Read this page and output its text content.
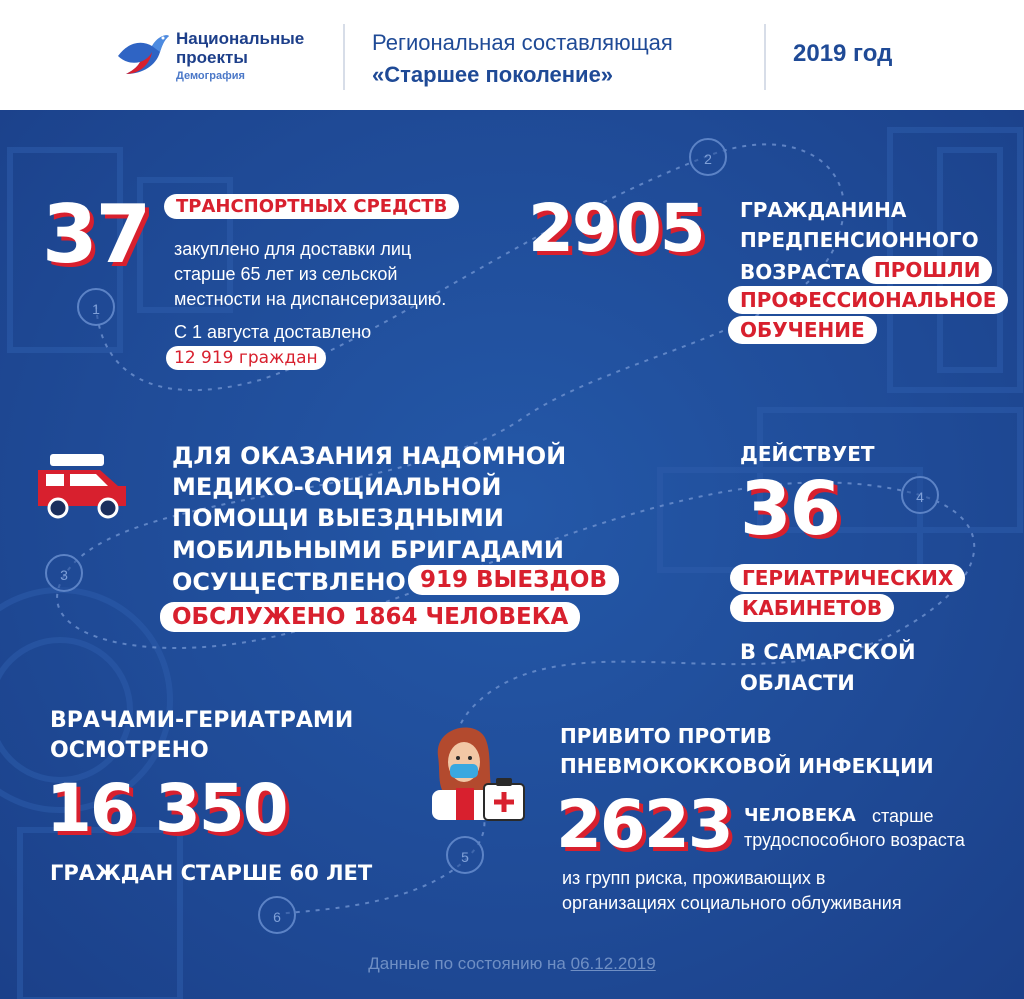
Национальные
проекты
Демография
Региональная составляющая
«Старшее поколение»
2019 год
1
2
3
4
5
6
37	ТРАНСПОРТНЫХ СРЕДСТВ
закуплено для доставки лиц
старше 65 лет из сельской
местности на диспансеризацию.
С 1 августа доставлено
12 919 граждан
2905 ГРАЖДАНИНА
ПРЕДПЕНСИОННОГО
ВОЗРАСТА ПРОШЛИ
ПРОФЕССИОНАЛЬНОЕ
ОБУЧЕНИЕ
ДЛЯ ОКАЗАНИЯ НАДОМНОЙ
МЕДИКО-СОЦИАЛЬНОЙ
ПОМОЩИ ВЫЕЗДНЫМИ
МОБИЛЬНЫМИ БРИГАДАМИ
ОСУЩЕСТВЛЕНО 919 ВЫЕЗДОВ
ОБСЛУЖЕНО 1864 ЧЕЛОВЕКА
ДЕЙСТВУЕТ
36
ГЕРИАТРИЧЕСКИХ
КАБИНЕТОВ
В САМАРСКОЙ
ОБЛАСТИ
ВРАЧАМИ-ГЕРИАТРАМИ
ОСМОТРЕНО
16 350
ГРАЖДАН СТАРШЕ 60 ЛЕТ
ПРИВИТО ПРОТИВ
ПНЕВМОКОККОВОЙ ИНФЕКЦИИ
2623 ЧЕЛОВЕКА старше
трудоспособного возраста
из групп риска, проживающих в
организациях социального облуживания
Данные по состоянию на 06.12.2019
